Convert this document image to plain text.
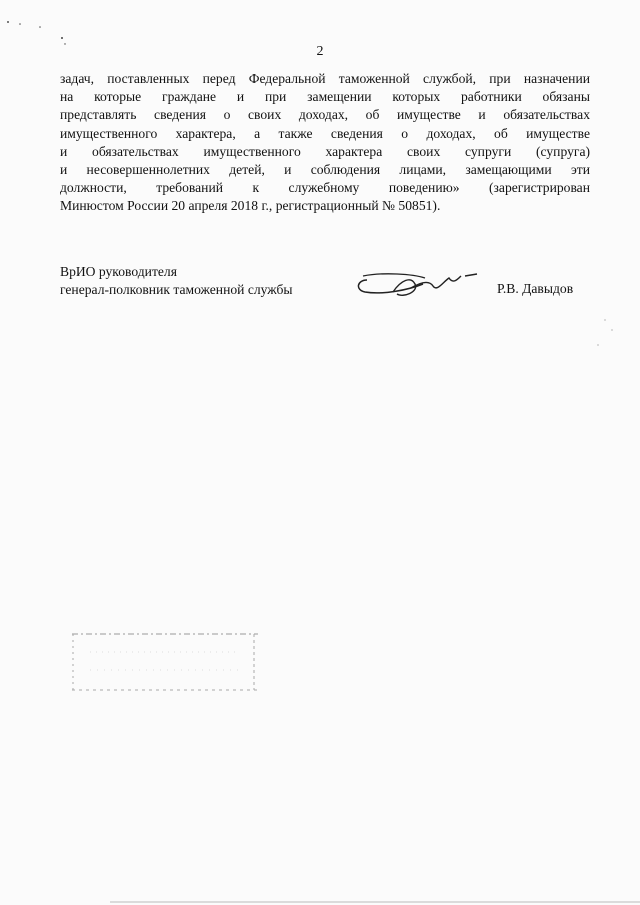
2
задач, поставленных перед Федеральной таможенной службой, при назначении
на которые граждане и при замещении которых работники обязаны
представлять сведения о своих доходах, об имуществе и обязательствах
имущественного характера, а также сведения о доходах, об имуществе
и обязательствах имущественного характера своих супруги (супруга)
и несовершеннолетних детей, и соблюдения лицами, замещающими эти
должности, требований к служебному поведению» (зарегистрирован
Минюстом России 20 апреля 2018 г., регистрационный № 50851).
ВрИО руководителя
генерал-полковник таможенной службы	Р.В. Давыдов
